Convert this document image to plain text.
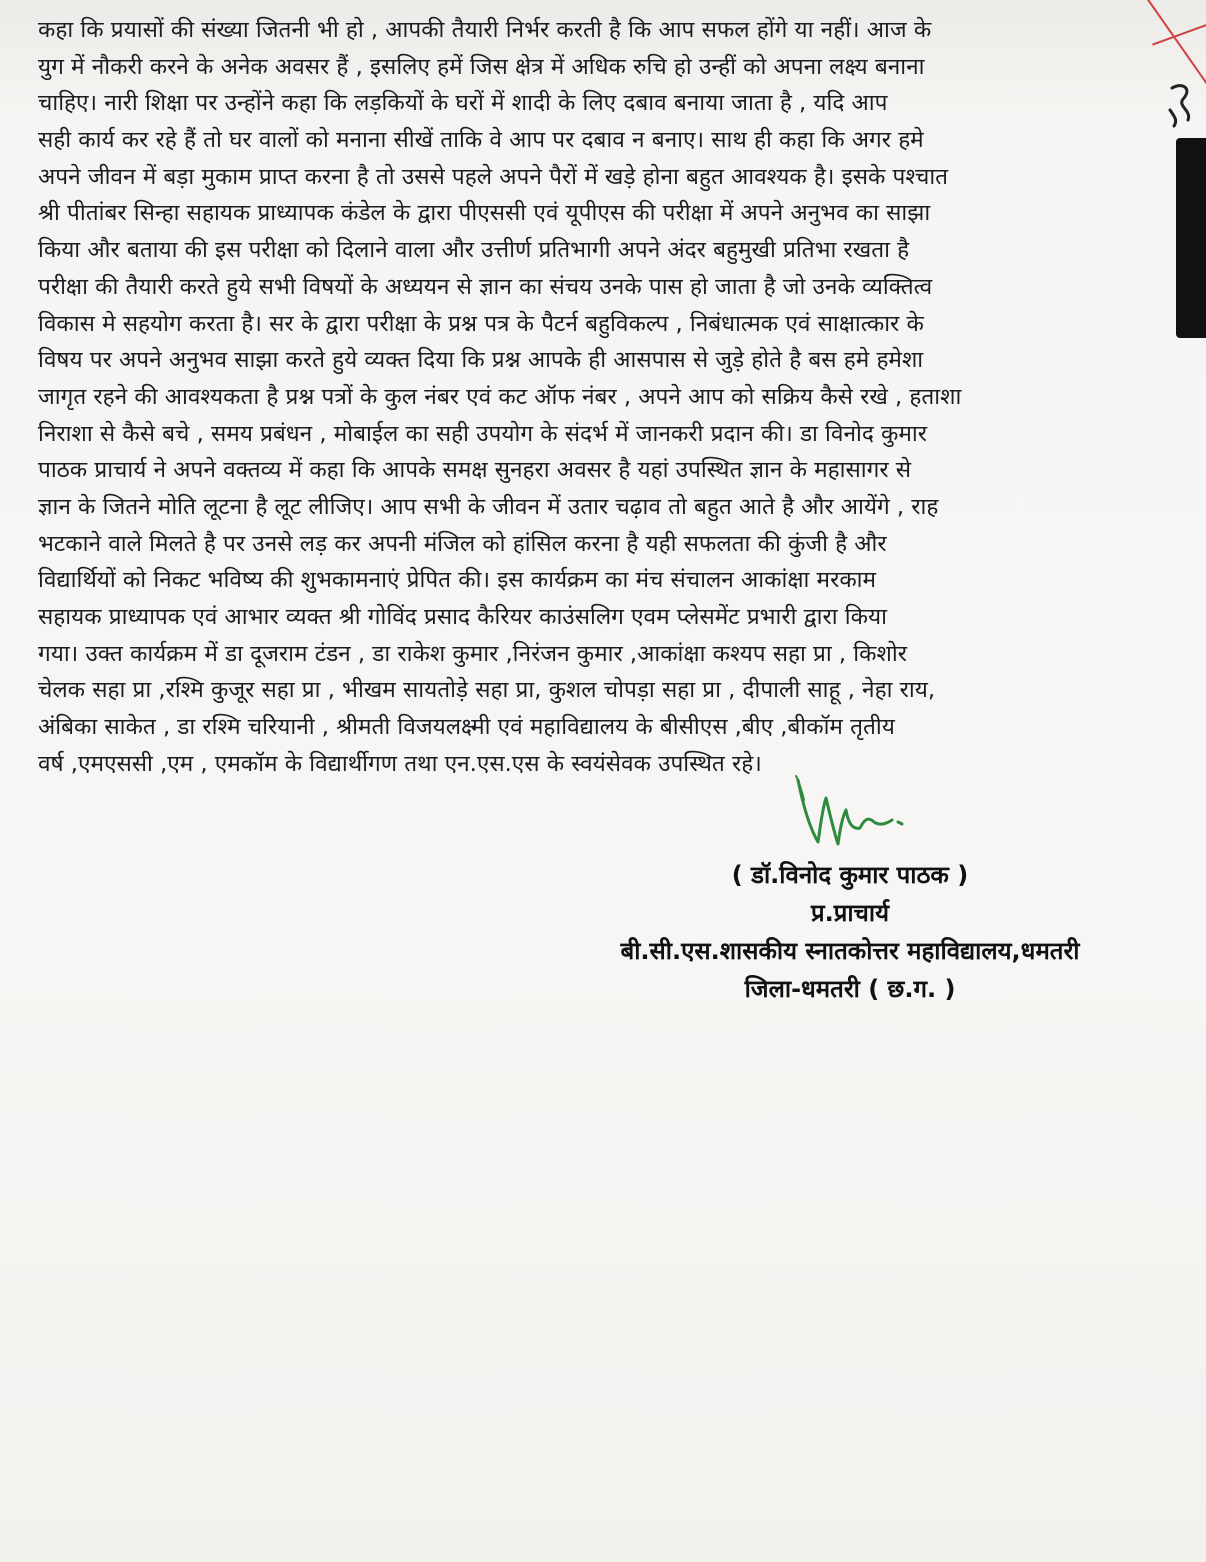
कहा कि प्रयासों की संख्या जितनी भी हो , आपकी तैयारी निर्भर करती है कि आप सफल होंगे या नहीं। आज के
युग में नौकरी करने के अनेक अवसर हैं , इसलिए हमें जिस क्षेत्र में अधिक रुचि हो उन्हीं को अपना लक्ष्य बनाना
चाहिए। नारी शिक्षा पर उन्होंने कहा कि लड़कियों के घरों में शादी के लिए दबाव बनाया जाता है , यदि आप
सही कार्य कर रहे हैं तो घर वालों को मनाना सीखें ताकि वे आप पर दबाव न बनाए। साथ ही कहा कि अगर हमे
अपने जीवन में बड़ा मुकाम प्राप्त करना है तो उससे पहले अपने पैरों में खड़े होना बहुत आवश्यक है। इसके पश्चात
श्री पीतांबर सिन्हा सहायक प्राध्यापक कंडेल के द्वारा पीएससी एवं यूपीएस की परीक्षा में अपने अनुभव का साझा
किया और बताया की इस परीक्षा को दिलाने वाला और उत्तीर्ण प्रतिभागी अपने अंदर बहुमुखी प्रतिभा रखता है
परीक्षा की तैयारी करते हुये सभी विषयों के अध्ययन से ज्ञान का संचय उनके पास हो जाता है जो उनके व्यक्तित्व
विकास मे सहयोग करता है। सर के द्वारा परीक्षा के प्रश्न पत्र के पैटर्न बहुविकल्प , निबंधात्मक एवं साक्षात्कार के
विषय पर अपने अनुभव साझा करते हुये व्यक्त दिया कि प्रश्न आपके ही आसपास से जुड़े होते है बस हमे हमेशा
जागृत रहने की आवश्यकता है प्रश्न पत्रों के कुल नंबर एवं कट ऑफ नंबर , अपने आप को सक्रिय कैसे रखे , हताशा
निराशा से कैसे बचे , समय प्रबंधन , मोबाईल का सही उपयोग के संदर्भ में जानकरी प्रदान की। डा विनोद कुमार
पाठक प्राचार्य ने अपने वक्तव्य में कहा कि आपके समक्ष सुनहरा अवसर है यहां उपस्थित ज्ञान के महासागर से
ज्ञान के जितने मोति लूटना है लूट लीजिए। आप सभी के जीवन में उतार चढ़ाव तो बहुत आते है और आयेंगे , राह
भटकाने वाले मिलते है पर उनसे लड़ कर अपनी मंजिल को हांसिल करना है यही सफलता की कुंजी है और
विद्यार्थियों को निकट भविष्य की शुभकामनाएं प्रेपित की। इस कार्यक्रम का मंच संचालन आकांक्षा मरकाम
सहायक प्राध्यापक एवं आभार व्यक्त श्री गोविंद प्रसाद कैरियर काउंसलिग एवम प्लेसमेंट प्रभारी द्वारा किया
गया। उक्त कार्यक्रम में डा दूजराम टंडन , डा राकेश कुमार ,निरंजन कुमार ,आकांक्षा कश्यप सहा प्रा , किशोर
चेलक सहा प्रा ,रश्मि कुजूर सहा प्रा , भीखम सायतोड़े सहा प्रा, कुशल चोपड़ा सहा प्रा , दीपाली साहू , नेहा राय,
अंबिका साकेत , डा रश्मि चरियानी , श्रीमती विजयलक्ष्मी एवं महाविद्यालय के बीसीएस ,बीए ,बीकॉम तृतीय
वर्ष ,एमएससी ,एम , एमकॉम के विद्यार्थीगण तथा एन.एस.एस के स्वयंसेवक उपस्थित रहे।
( डॉ.विनोद कुमार पाठक )
प्र.प्राचार्य
बी.सी.एस.शासकीय स्नातकोत्तर महाविद्यालय,धमतरी
जिला-धमतरी ( छ.ग. )
